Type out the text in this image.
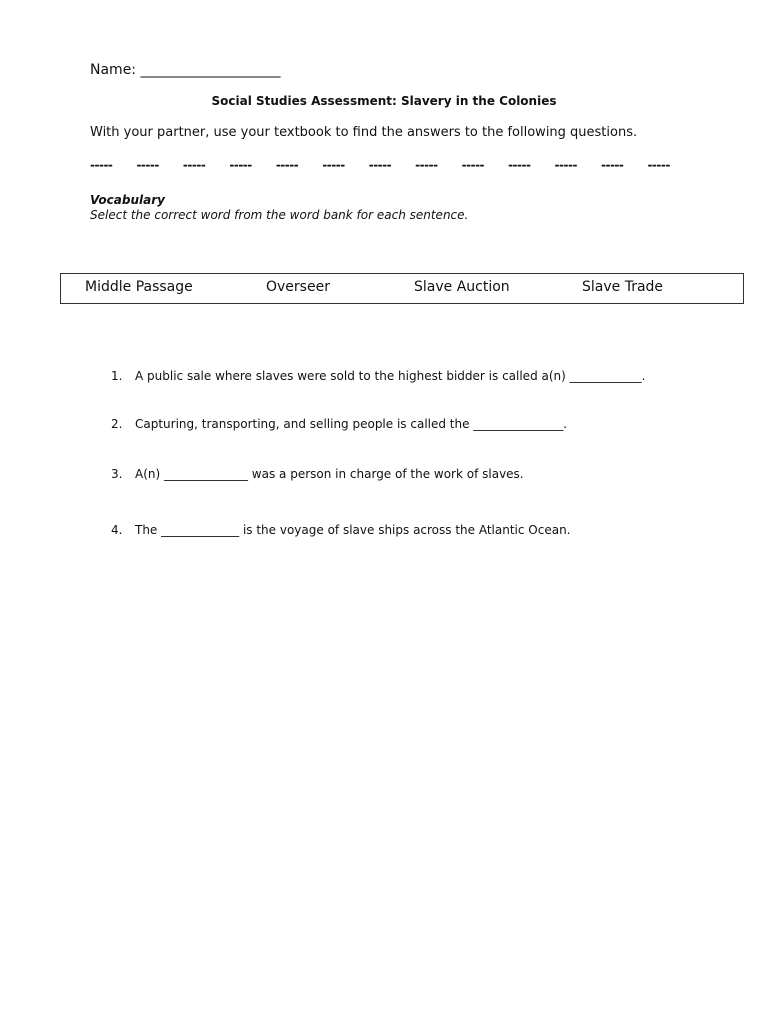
Name: ____________________
Social Studies Assessment: Slavery in the Colonies
With your partner, use your textbook to find the answers to the following questions.
----- ----- ----- ----- ----- ----- ----- ----- ----- ----- ----- ----- -----
Vocabulary
Select the correct word from the word bank for each sentence.
Middle Passage	Overseer	Slave Auction	Slave Trade
1. A public sale where slaves were sold to the highest bidder is called a(n) ____________.
2. Capturing, transporting, and selling people is called the _______________.
3. A(n) ______________ was a person in charge of the work of slaves.
4. The _____________ is the voyage of slave ships across the Atlantic Ocean.
